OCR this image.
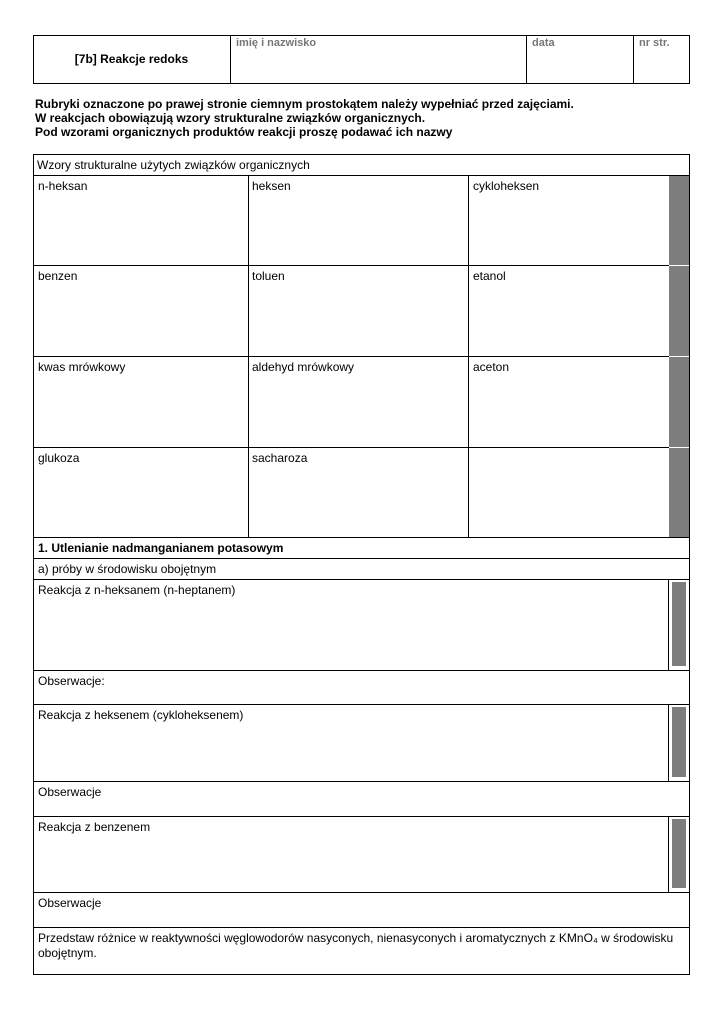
[7b] Reakcje redoks
imię i nazwisko	data	nr str.
Rubryki oznaczone po prawej stronie ciemnym prostokątem należy wypełniać przed zajęciami.
W reakcjach obowiązują wzory strukturalne związków organicznych.
Pod wzorami organicznych produktów reakcji proszę podawać ich nazwy
Wzory strukturalne użytych związków organicznych
n-heksan	heksen	cykloheksen
benzen	toluen	etanol
kwas mrówkowy	aldehyd mrówkowy	aceton
glukoza	sacharoza
1. Utlenianie nadmanganianem potasowym
a) próby w środowisku obojętnym
Reakcja z n-heksanem (n-heptanem)
Obserwacje:
Reakcja z heksenem (cykloheksenem)
Obserwacje
Reakcja z benzenem
Obserwacje
Przedstaw różnice w reaktywności węglowodorów nasyconych, nienasyconych i aromatycznych z KMnO₄ w środowisku obojętnym.
